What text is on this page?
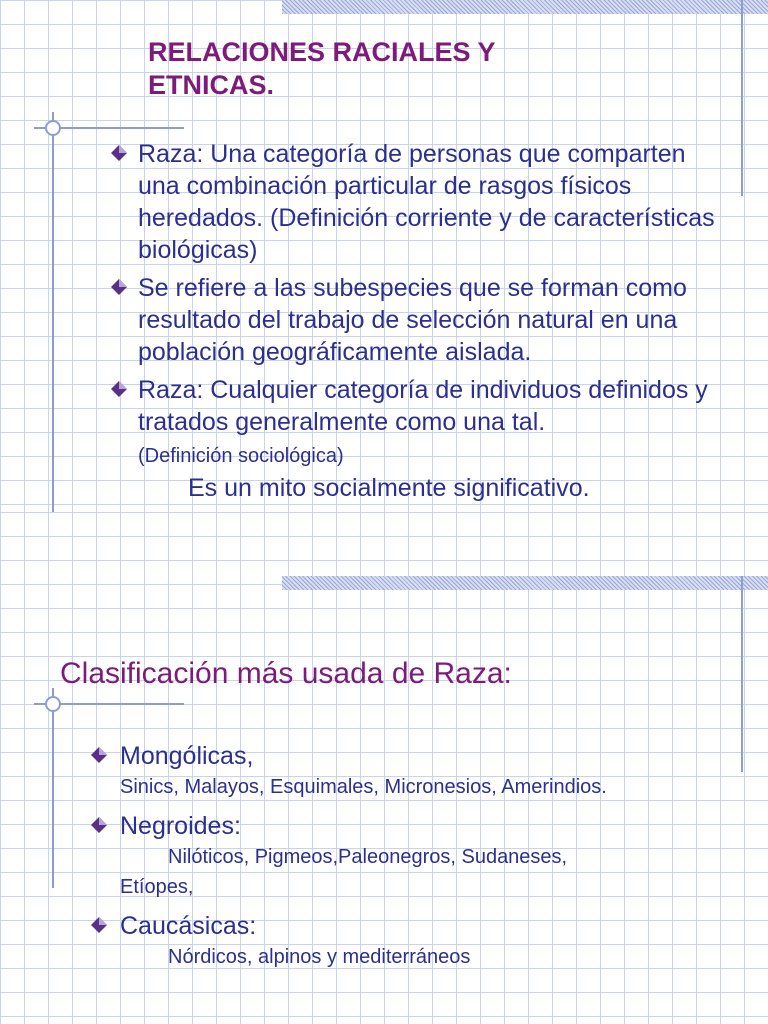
RELACIONES RACIALES Y ETNICAS.
Raza: Una categoría de personas que comparten una combinación particular de rasgos físicos heredados. (Definición corriente y de características biológicas)
Se refiere a las subespecies que se forman como resultado del trabajo de selección natural en una población geográficamente aislada.
Raza: Cualquier categoría de individuos definidos y tratados generalmente como una tal.  (Definición sociológica)
Es un mito socialmente significativo.
Clasificación más usada de Raza:
Mongólicas,
Sinics, Malayos, Esquimales, Micronesios, Amerindios.
Negroides:
Nilóticos, Pigmeos,Paleonegros, Sudaneses,
Etíopes,
Caucásicas:
Nórdicos, alpinos y mediterráneos
